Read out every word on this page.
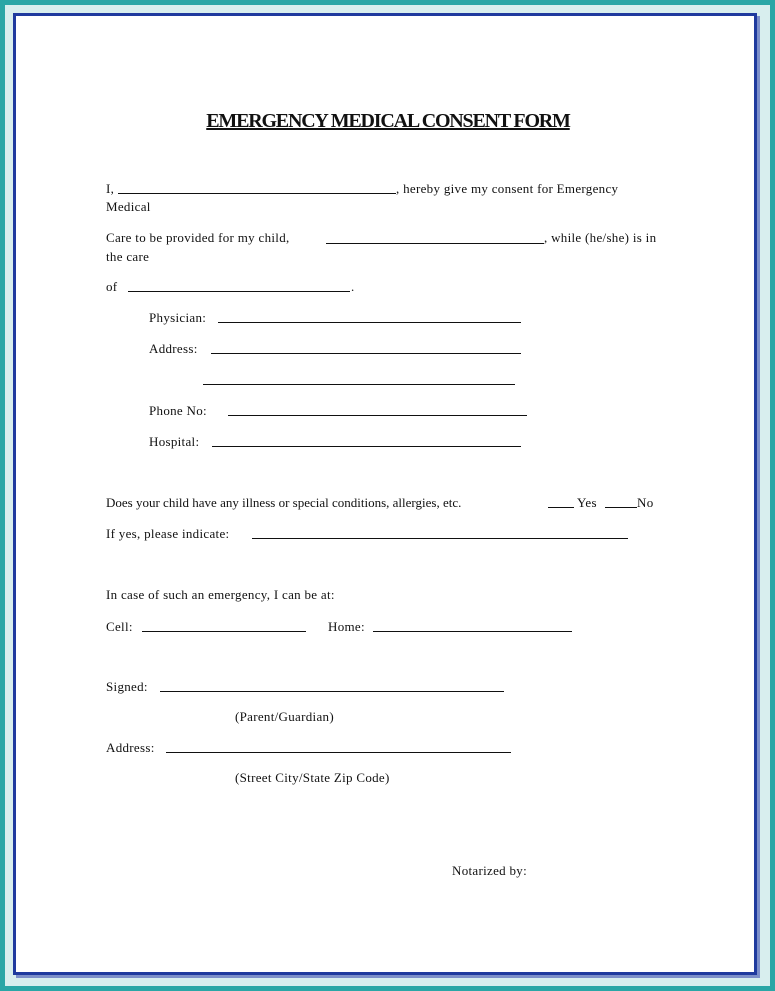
EMERGENCY MEDICAL CONSENT FORM
I,	, hereby give my consent for Emergency
Medical
Care to be provided for my child,	, while (he/she) is in
the care
of	.
Physician:
Address:
Phone No:
Hospital:
Does your child have any illness or special conditions, allergies, etc.	Yes	No
If yes, please indicate:
In case of such an emergency, I can be at:
Cell:	Home:
Signed:
(Parent/Guardian)
Address:
(Street City/State Zip Code)
Notarized by:
